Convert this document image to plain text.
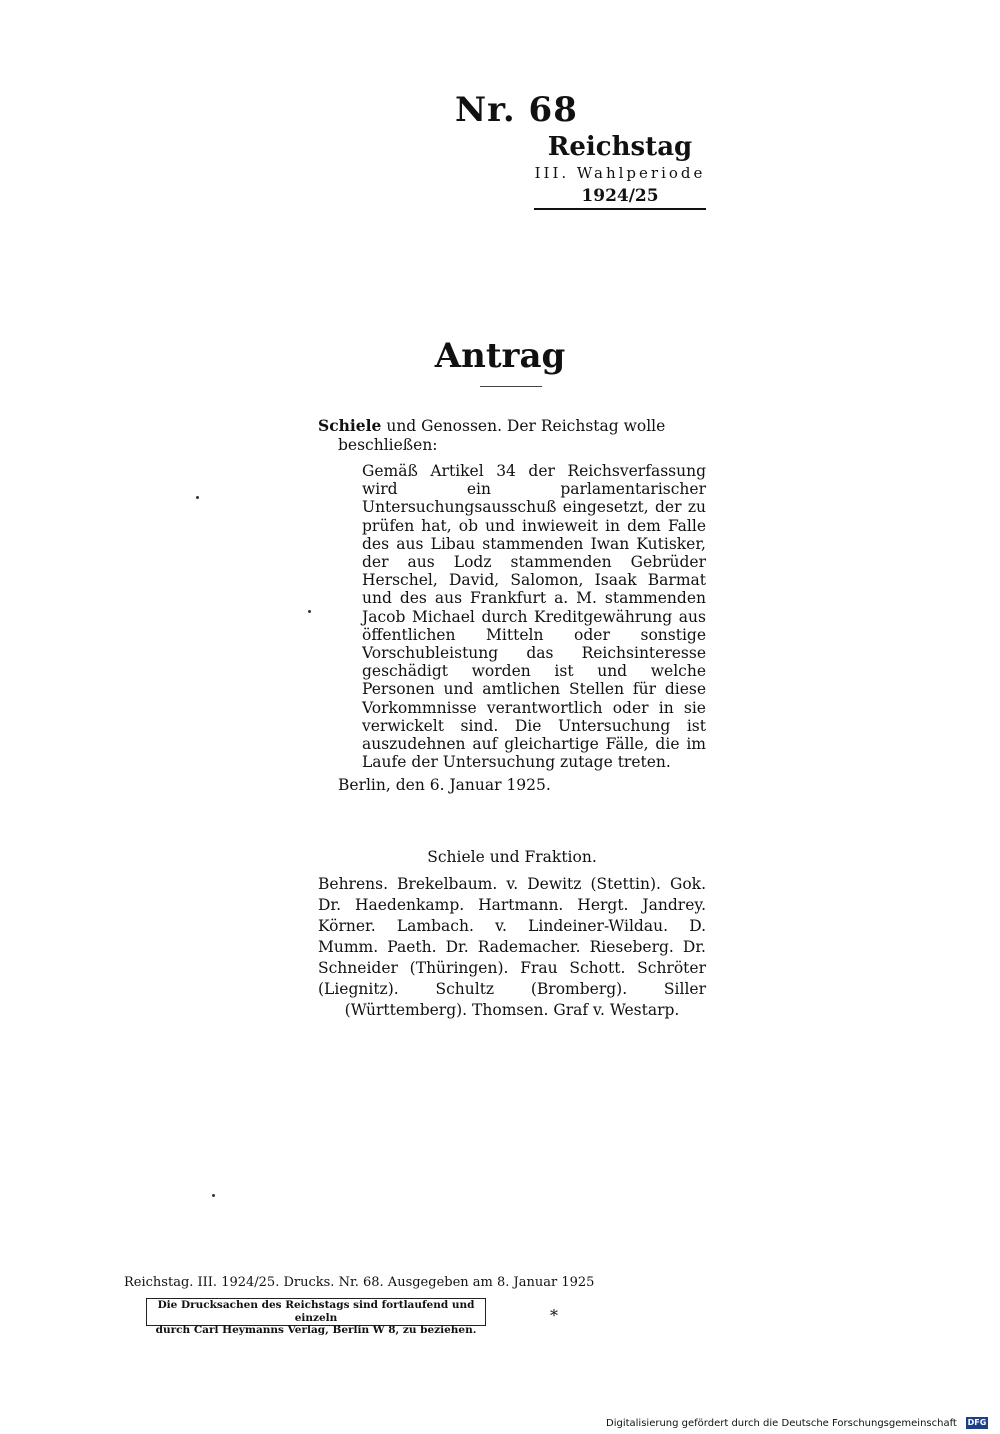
Nr. 68
Reichstag
III. Wahlperiode
1924/25
Antrag
Schiele und Genossen. Der Reichstag wolle
beschließen:
Gemäß Artikel 34 der Reichsverfassung wird ein parlamentarischer Untersuchungsausschuß eingesetzt, der zu prüfen hat, ob und inwieweit in dem Falle des aus Libau stammenden Iwan Kutisker, der aus Lodz stammenden Gebrüder Herschel, David, Salomon, Isaak Barmat und des aus Frankfurt a. M. stammenden Jacob Michael durch Kreditgewährung aus öffentlichen Mitteln oder sonstige Vorschubleistung das Reichsinteresse geschädigt worden ist und welche Personen und amtlichen Stellen für diese Vorkommnisse verantwortlich oder in sie verwickelt sind. Die Untersuchung ist auszudehnen auf gleichartige Fälle, die im Laufe der Untersuchung zutage treten.
Berlin, den 6. Januar 1925.
Schiele und Fraktion.
Behrens. Brekelbaum. v. Dewitz (Stettin). Gok. Dr. Haedenkamp. Hartmann. Hergt. Jandrey. Körner. Lambach. v. Lindeiner-Wildau. D. Mumm. Paeth. Dr. Rademacher. Rieseberg. Dr. Schneider (Thüringen). Frau Schott. Schröter (Liegnitz). Schultz (Bromberg). Siller (Württemberg). Thomsen. Graf v. Westarp.
Reichstag. III. 1924/25. Drucks. Nr. 68. Ausgegeben am 8. Januar 1925
Die Drucksachen des Reichstags sind fortlaufend und einzeln
durch Carl Heymanns Verlag, Berlin W 8, zu beziehen.
*
Digitalisierung gefördert durch die Deutsche Forschungsgemeinschaft DFG
